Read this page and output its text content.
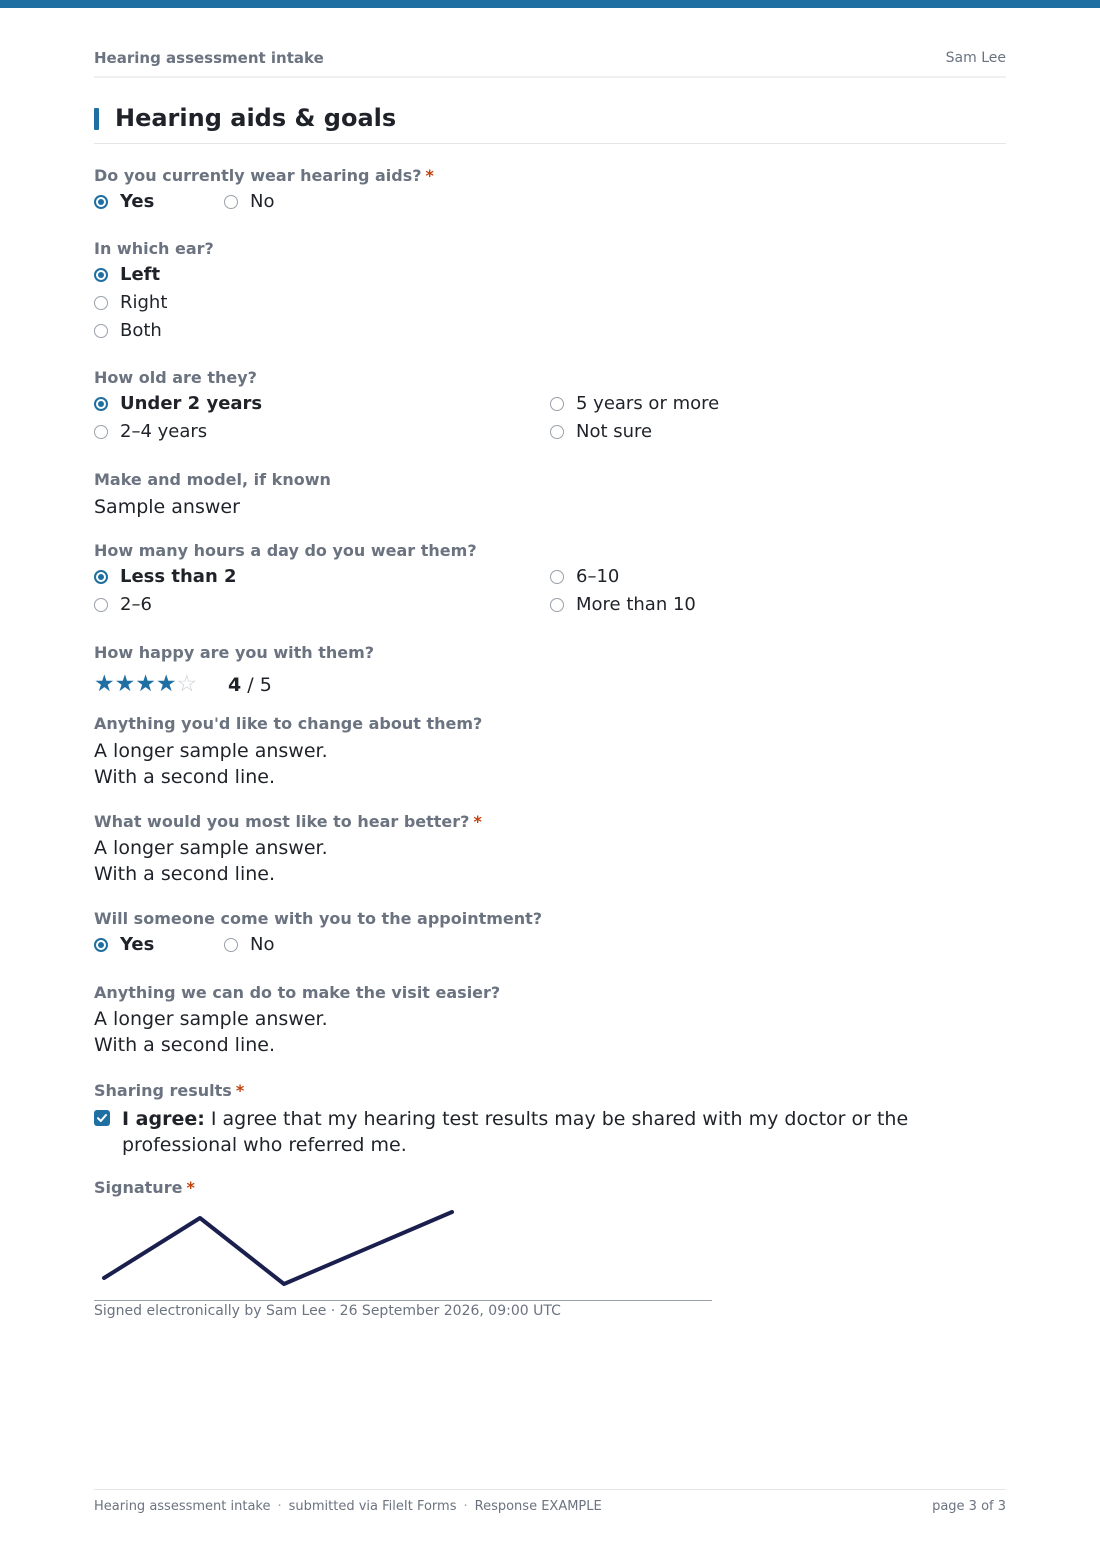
Hearing assessment intake	Sam Lee
Hearing aids & goals
Do you currently wear hearing aids? *
Yes	No
In which ear?
Left
Right
Both
How old are they?
Under 2 years
2–4 years
5 years or more
Not sure
Make and model, if known
Sample answer
How many hours a day do you wear them?
Less than 2
2–6
6–10
More than 10
How happy are you with them?
★★★★☆ 4 / 5
Anything you'd like to change about them?
A longer sample answer.
With a second line.
What would you most like to hear better? *
A longer sample answer.
With a second line.
Will someone come with you to the appointment?
Yes	No
Anything we can do to make the visit easier?
A longer sample answer.
With a second line.
Sharing results *
I agree: I agree that my hearing test results may be shared with my doctor or the professional who referred me.
Signature *
Signed electronically by Sam Lee · 26 September 2026, 09:00 UTC
Hearing assessment intake · submitted via FileIt Forms · Response EXAMPLE	page 3 of 3
